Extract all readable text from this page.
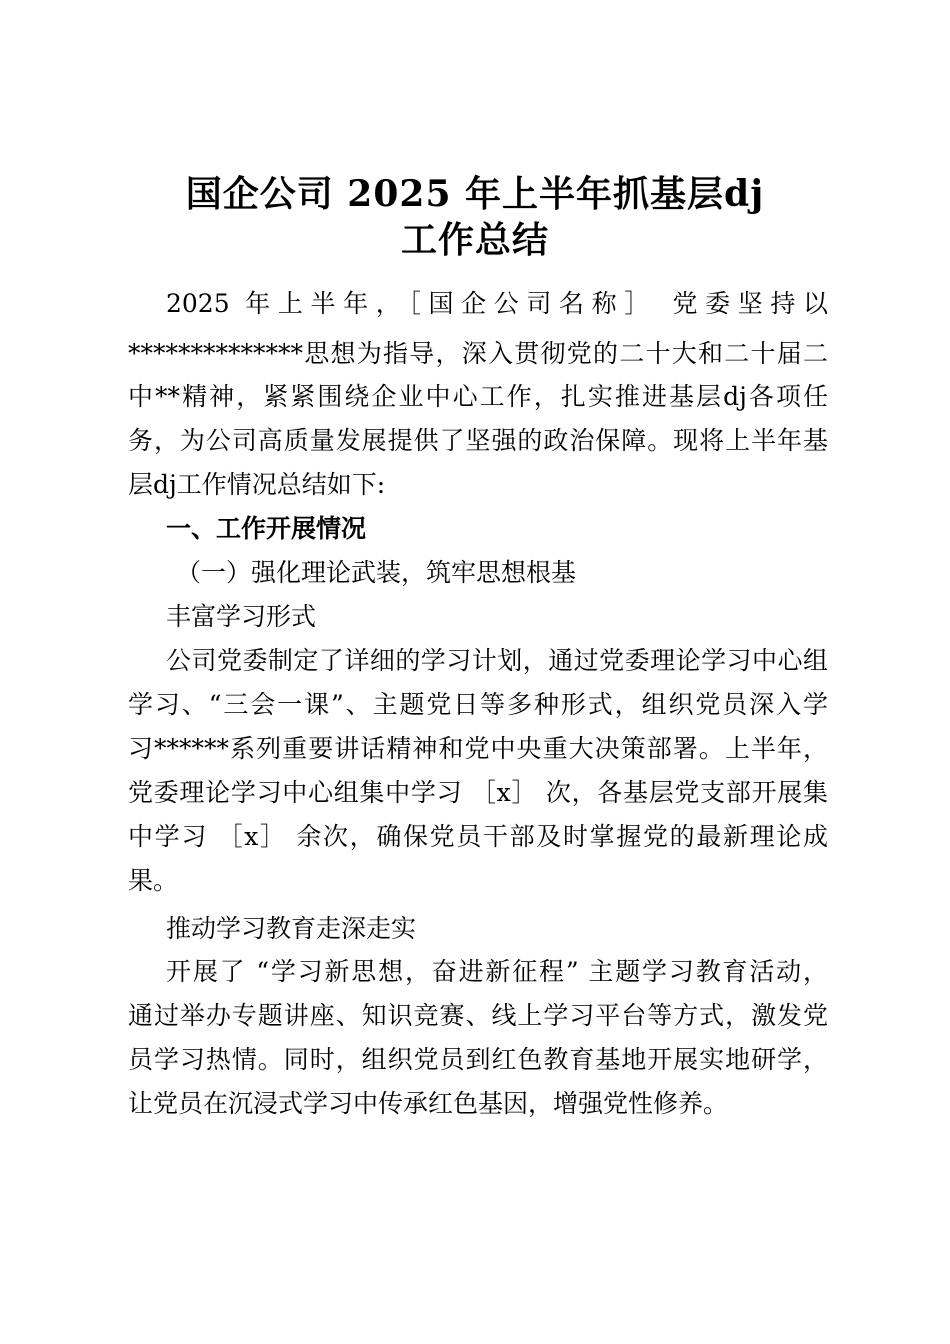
国企公司 2025 年上半年抓基层dj
工作总结
2025 年上半年，［国企公司名称］ 党委坚持以
**************思想为指导，深入贯彻党的二十大和二十届二
中**精神，紧紧围绕企业中心工作，扎实推进基层dj各项任
务，为公司高质量发展提供了坚强的政治保障。现将上半年基
层dj工作情况总结如下:
一、工作开展情况
（一）强化理论武装，筑牢思想根基
丰富学习形式
公司党委制定了详细的学习计划，通过党委理论学习中心组
学习、“三会一课”、主题党日等多种形式，组织党员深入学
习******系列重要讲话精神和党中央重大决策部署。上半年，
党委理论学习中心组集中学习 ［x］ 次，各基层党支部开展集
中学习 ［x］ 余次，确保党员干部及时掌握党的最新理论成
果。
推动学习教育走深走实
开展了 “学习新思想，奋进新征程” 主题学习教育活动，
通过举办专题讲座、知识竞赛、线上学习平台等方式，激发党
员学习热情。同时，组织党员到红色教育基地开展实地研学，
让党员在沉浸式学习中传承红色基因，增强党性修养。
